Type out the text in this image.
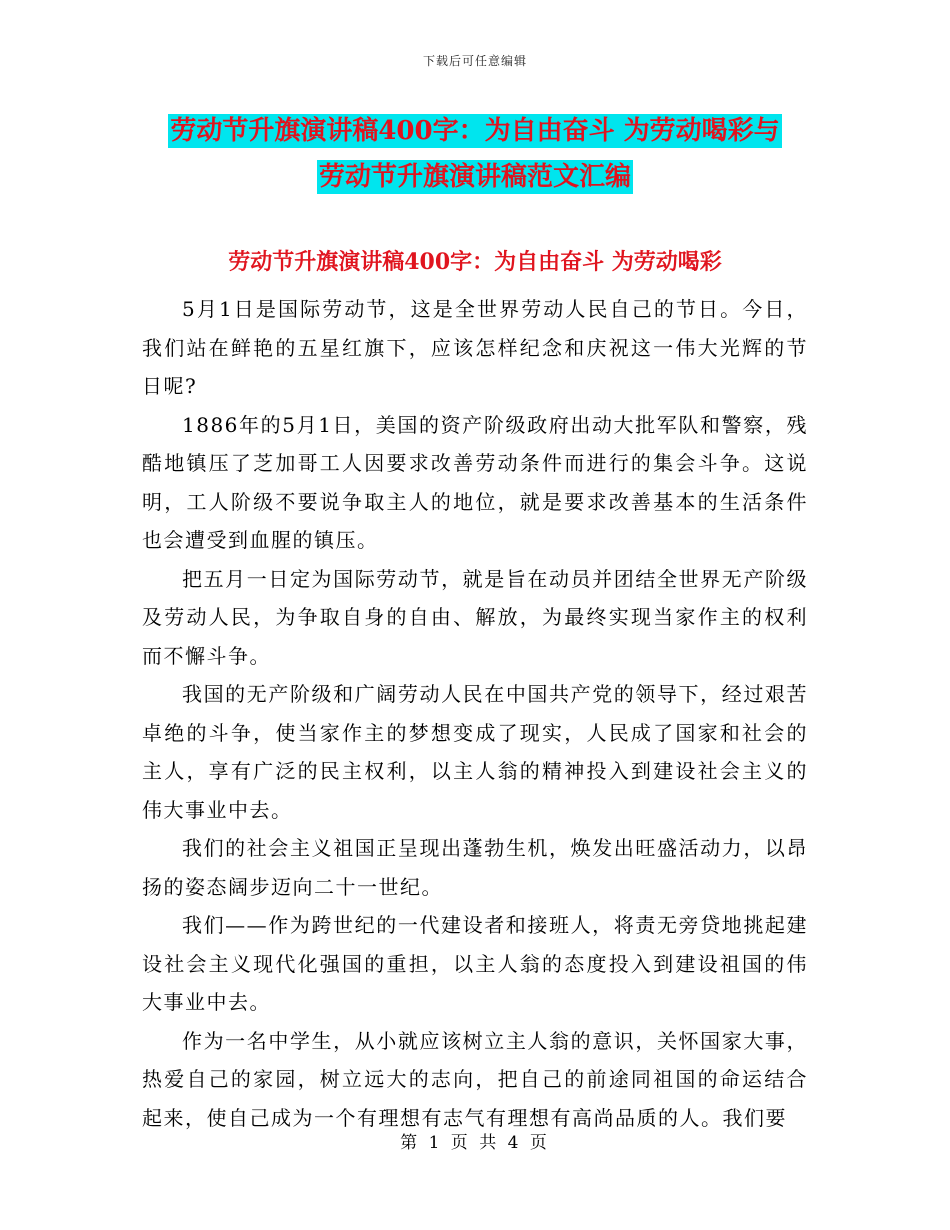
下载后可任意编辑
劳动节升旗演讲稿400字：为自由奋斗 为劳动喝彩与
劳动节升旗演讲稿范文汇编
劳动节升旗演讲稿400字：为自由奋斗 为劳动喝彩

5月1日是国际劳动节，这是全世界劳动人民自己的节日。今日，我们站在鲜艳的五星红旗下，应该怎样纪念和庆祝这一伟大光辉的节日呢?

1886年的5月1日，美国的资产阶级政府出动大批军队和警察，残酷地镇压了芝加哥工人因要求改善劳动条件而进行的集会斗争。这说明，工人阶级不要说争取主人的地位，就是要求改善基本的生活条件也会遭受到血腥的镇压。

把五月一日定为国际劳动节，就是旨在动员并团结全世界无产阶级及劳动人民，为争取自身的自由、解放，为最终实现当家作主的权利而不懈斗争。

我国的无产阶级和广阔劳动人民在中国共产党的领导下，经过艰苦卓绝的斗争，使当家作主的梦想变成了现实，人民成了国家和社会的主人，享有广泛的民主权利，以主人翁的精神投入到建设社会主义的伟大事业中去。

我们的社会主义祖国正呈现出蓬勃生机，焕发出旺盛活动力，以昂扬的姿态阔步迈向二十一世纪。

我们——作为跨世纪的一代建设者和接班人，将责无旁贷地挑起建设社会主义现代化强国的重担，以主人翁的态度投入到建设祖国的伟大事业中去。

作为一名中学生，从小就应该树立主人翁的意识，关怀国家大事，热爱自己的家园，树立远大的志向，把自己的前途同祖国的命运结合起来，使自己成为一个有理想有志气有理想有高尚品质的人。我们要

第 1 页 共 4 页
